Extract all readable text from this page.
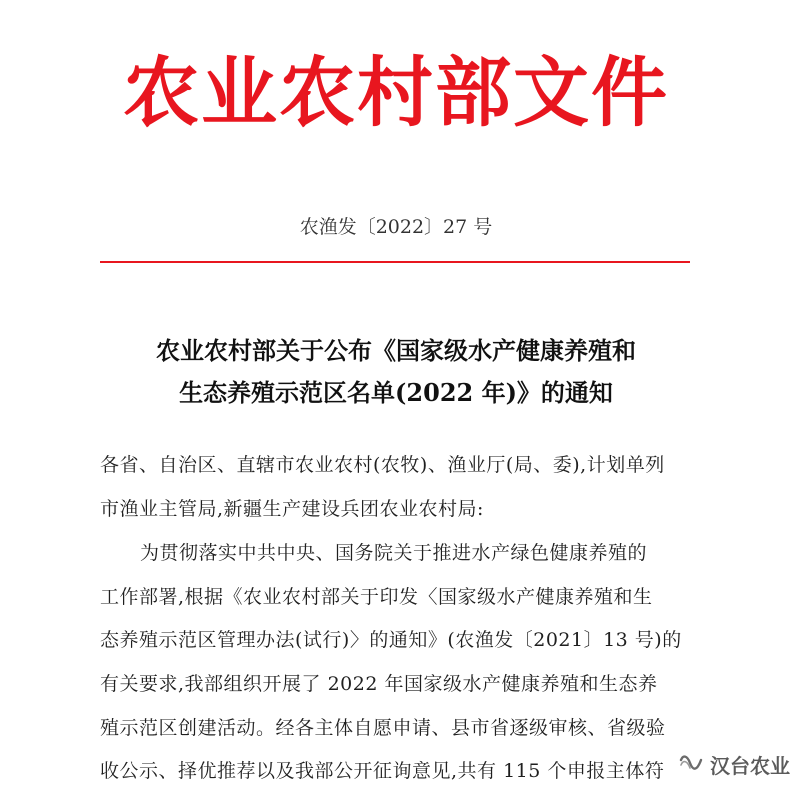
农业农村部文件
农渔发〔2022〕27 号
农业农村部关于公布《国家级水产健康养殖和
生态养殖示范区名单(2022 年)》的通知
各省、自治区、直辖市农业农村(农牧)、渔业厅(局、委),计划单列
市渔业主管局,新疆生产建设兵团农业农村局:
为贯彻落实中共中央、国务院关于推进水产绿色健康养殖的
工作部署,根据《农业农村部关于印发〈国家级水产健康养殖和生
态养殖示范区管理办法(试行)〉的通知》(农渔发〔2021〕13 号)的
有关要求,我部组织开展了 2022 年国家级水产健康养殖和生态养
殖示范区创建活动。经各主体自愿申请、县市省逐级审核、省级验
收公示、择优推荐以及我部公开征询意见,共有 115 个申报主体符	汉台农业
